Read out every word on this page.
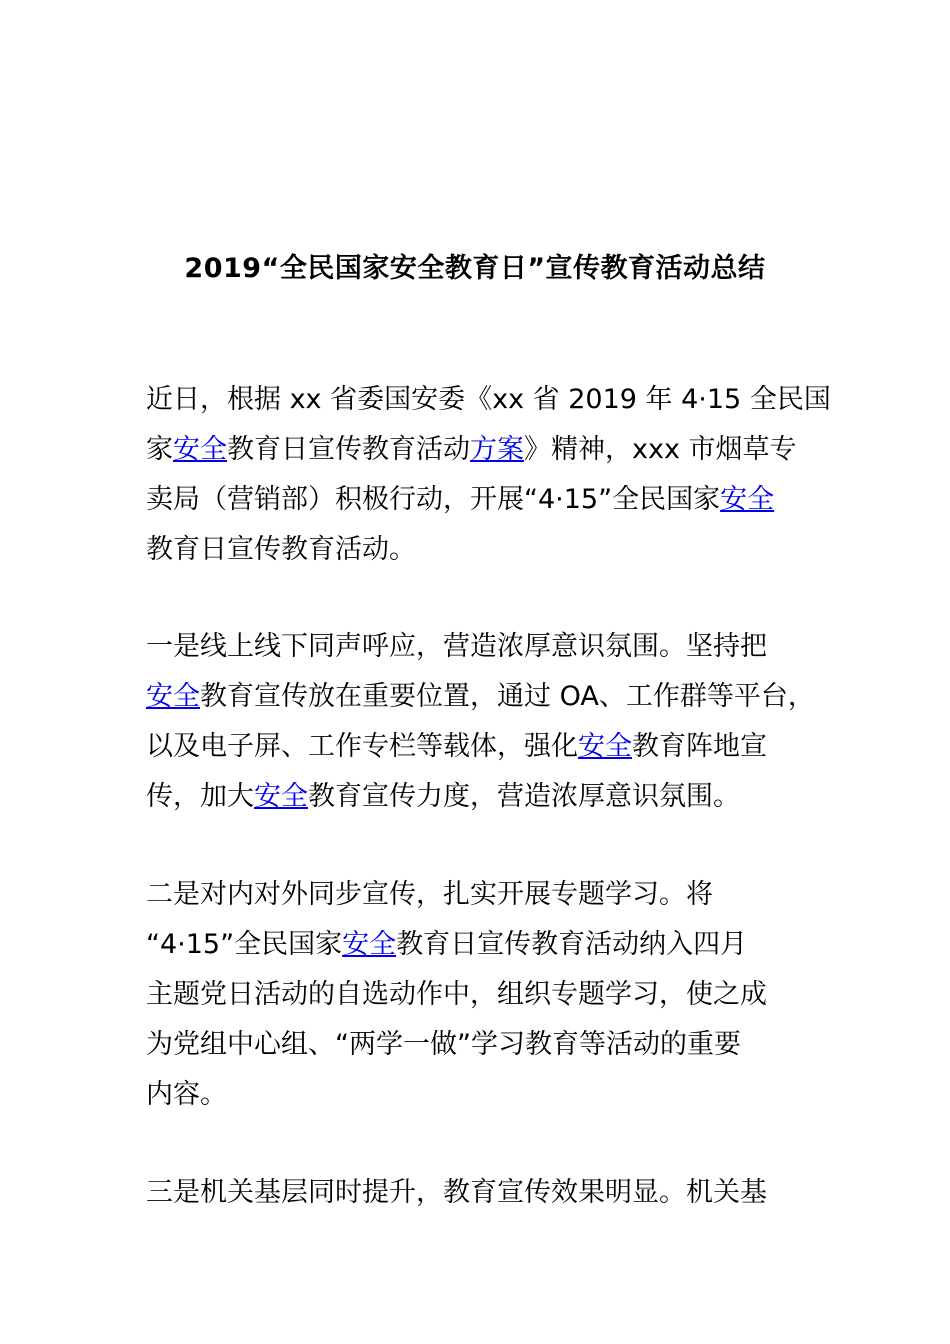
2019“全民国家安全教育日”宣传教育活动总结
近日，根据 xx 省委国安委《xx 省 2019 年 4·15 全民国
家安全教育日宣传教育活动方案》精神，xxx 市烟草专
卖局（营销部）积极行动，开展“4·15”全民国家安全
教育日宣传教育活动。
一是线上线下同声呼应，营造浓厚意识氛围。坚持把
安全教育宣传放在重要位置，通过 OA、工作群等平台，
以及电子屏、工作专栏等载体，强化安全教育阵地宣
传，加大安全教育宣传力度，营造浓厚意识氛围。
二是对内对外同步宣传，扎实开展专题学习。将
“4·15”全民国家安全教育日宣传教育活动纳入四月
主题党日活动的自选动作中，组织专题学习，使之成
为党组中心组、“两学一做”学习教育等活动的重要
内容。
三是机关基层同时提升，教育宣传效果明显。机关基
